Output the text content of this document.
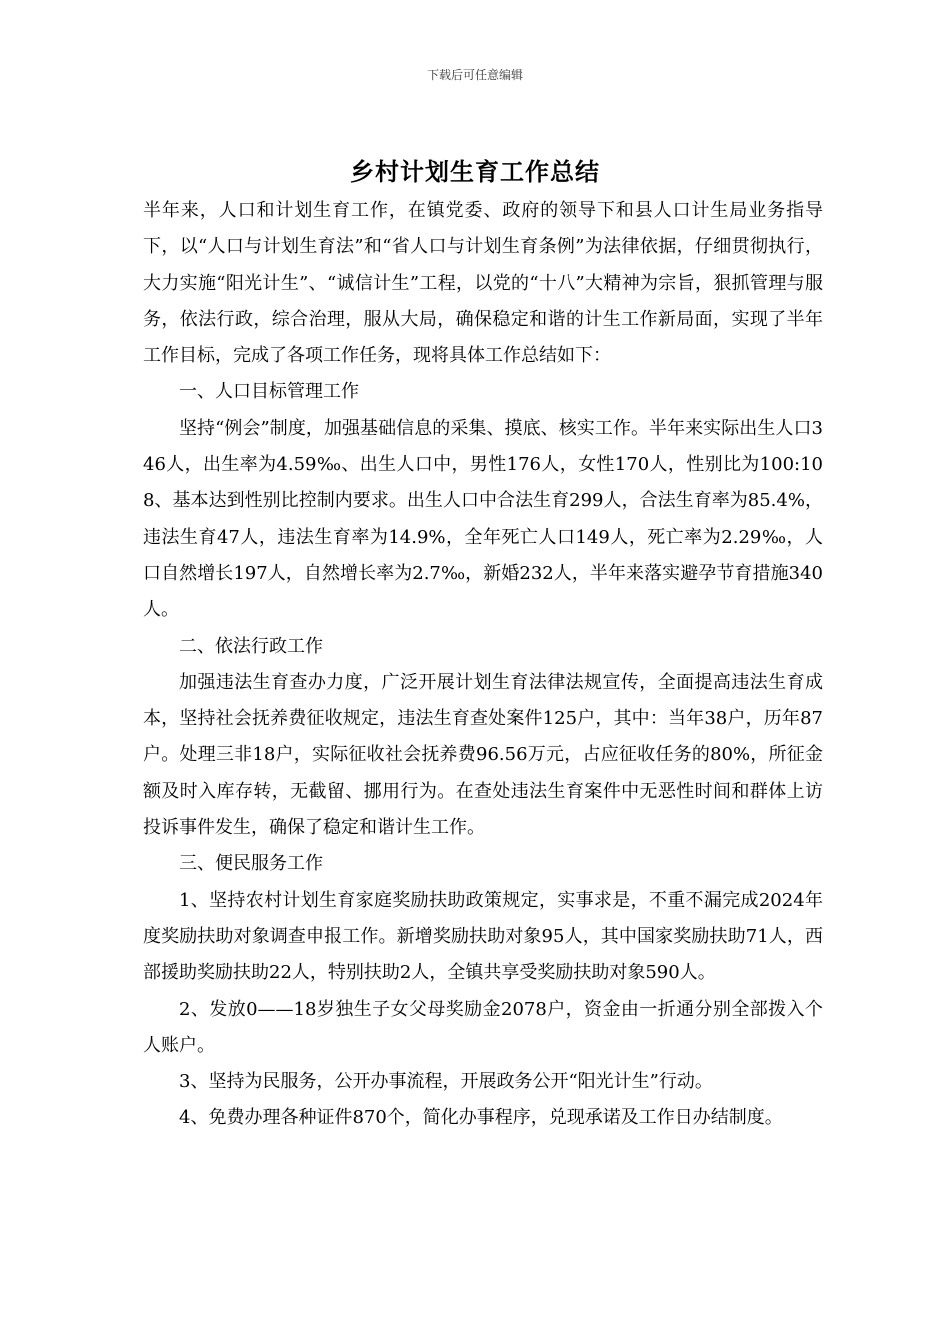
下载后可任意编辑
乡村计划生育工作总结

半年来，人口和计划生育工作，在镇党委、政府的领导下和县人口计生局业务指导下，以“人口与计划生育法”和“省人口与计划生育条例”为法律依据，仔细贯彻执行，大力实施“阳光计生”、“诚信计生”工程，以党的“十八”大精神为宗旨，狠抓管理与服务，依法行政，综合治理，服从大局，确保稳定和谐的计生工作新局面，实现了半年工作目标，完成了各项工作任务，现将具体工作总结如下：

一、人口目标管理工作

坚持“例会”制度，加强基础信息的采集、摸底、核实工作。半年来实际出生人口346人，出生率为4.59‰、出生人口中，男性176人，女性170人，性别比为100:108、基本达到性别比控制内要求。出生人口中合法生育299人，合法生育率为85.4%，违法生育47人，违法生育率为14.9%，全年死亡人口149人，死亡率为2.29‰，人口自然增长197人，自然增长率为2.7‰，新婚232人，半年来落实避孕节育措施340人。

二、依法行政工作

加强违法生育查办力度，广泛开展计划生育法律法规宣传，全面提高违法生育成本，坚持社会抚养费征收规定，违法生育查处案件125户，其中：当年38户，历年87户。处理三非18户，实际征收社会抚养费96.56万元，占应征收任务的80%，所征金额及时入库存转，无截留、挪用行为。在查处违法生育案件中无恶性时间和群体上访投诉事件发生，确保了稳定和谐计生工作。

三、便民服务工作

1、坚持农村计划生育家庭奖励扶助政策规定，实事求是，不重不漏完成2024年度奖励扶助对象调查申报工作。新增奖励扶助对象95人，其中国家奖励扶助71人，西部援助奖励扶助22人，特别扶助2人，全镇共享受奖励扶助对象590人。

2、发放0——18岁独生子女父母奖励金2078户，资金由一折通分别全部拨入个人账户。

3、坚持为民服务，公开办事流程，开展政务公开“阳光计生”行动。

4、免费办理各种证件870个，简化办事程序，兑现承诺及工作日办结制度。
